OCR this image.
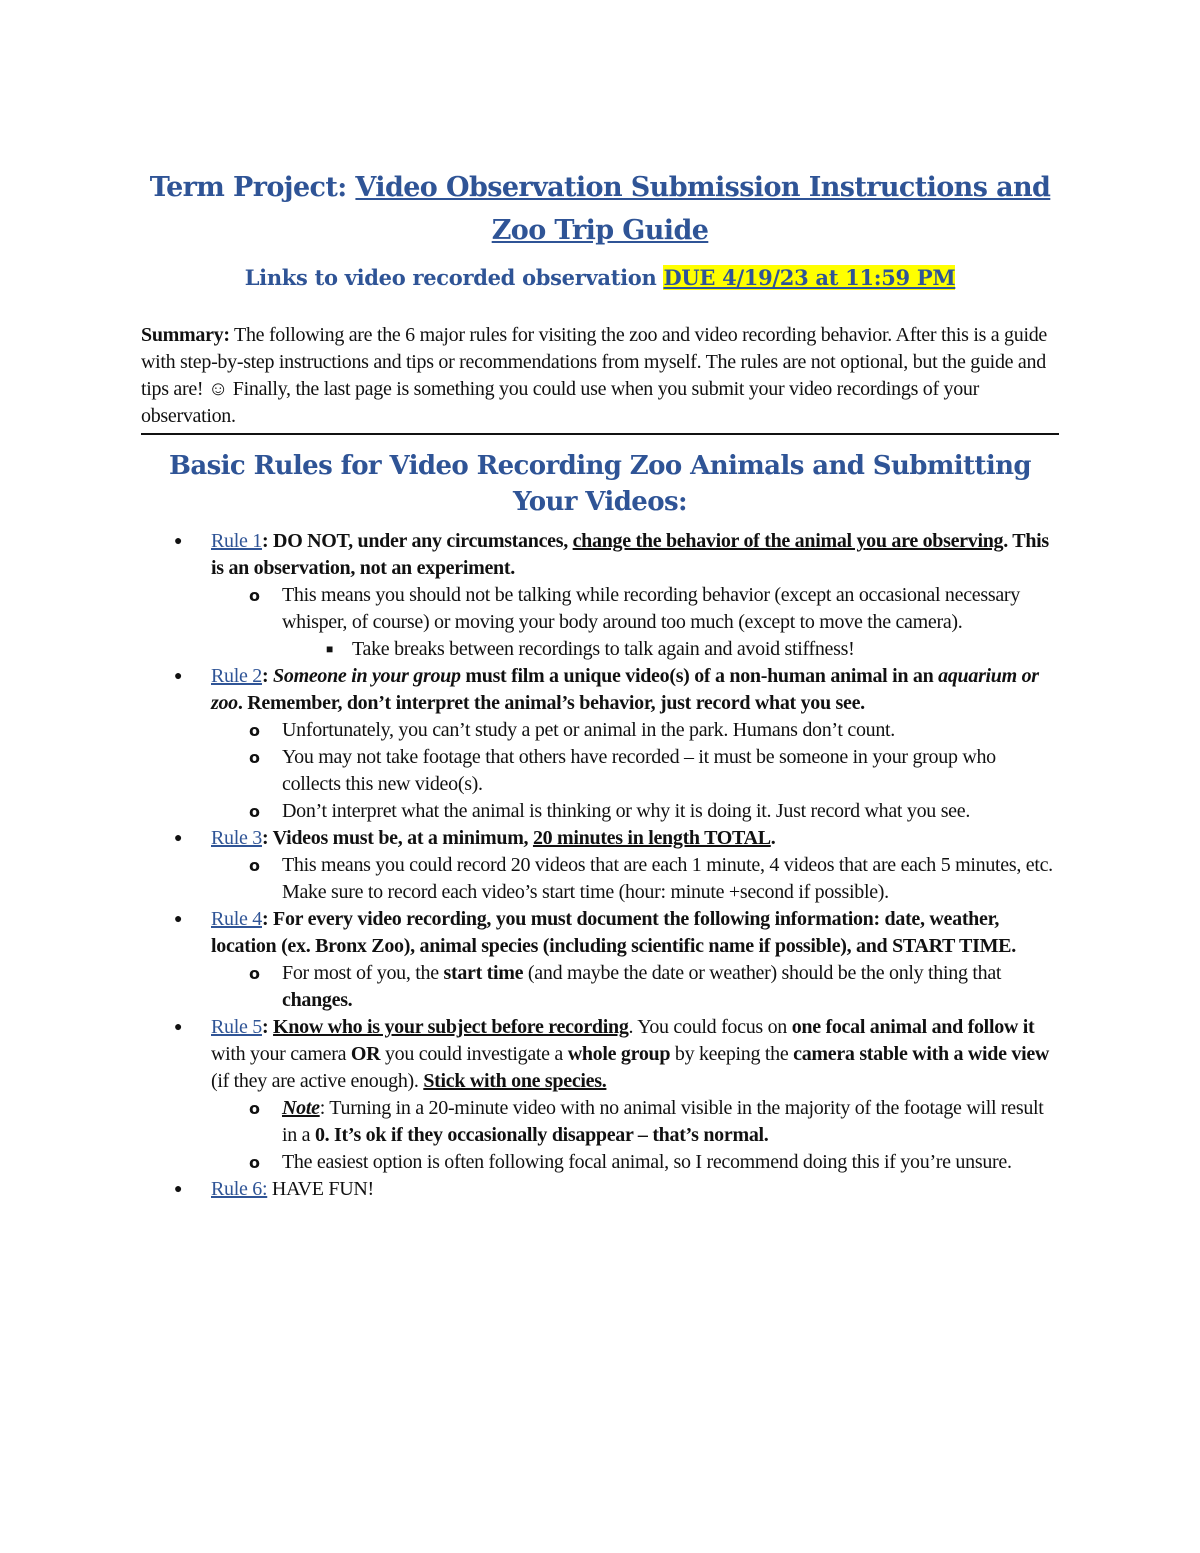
Term Project: Video Observation Submission Instructions and
Zoo Trip Guide
Links to video recorded observation DUE 4/19/23 at 11:59 PM
Summary: The following are the 6 major rules for visiting the zoo and video recording behavior. After this is a guide with step-by-step instructions and tips or recommendations from myself. The rules are not optional, but the guide and tips are! ☺ Finally, the last page is something you could use when you submit your video recordings of your observation.
Basic Rules for Video Recording Zoo Animals and Submitting Your Videos:
● Rule 1: DO NOT, under any circumstances, change the behavior of the animal you are observing. This is an observation, not an experiment.
o This means you should not be talking while recording behavior (except an occasional necessary whisper, of course) or moving your body around too much (except to move the camera).
■ Take breaks between recordings to talk again and avoid stiffness!
● Rule 2: Someone in your group must film a unique video(s) of a non-human animal in an aquarium or zoo. Remember, don’t interpret the animal’s behavior, just record what you see.
o Unfortunately, you can’t study a pet or animal in the park. Humans don’t count.
o You may not take footage that others have recorded – it must be someone in your group who collects this new video(s).
o Don’t interpret what the animal is thinking or why it is doing it. Just record what you see.
● Rule 3: Videos must be, at a minimum, 20 minutes in length TOTAL.
o This means you could record 20 videos that are each 1 minute, 4 videos that are each 5 minutes, etc. Make sure to record each video’s start time (hour: minute +second if possible).
● Rule 4: For every video recording, you must document the following information: date, weather, location (ex. Bronx Zoo), animal species (including scientific name if possible), and START TIME.
o For most of you, the start time (and maybe the date or weather) should be the only thing that changes.
● Rule 5: Know who is your subject before recording. You could focus on one focal animal and follow it with your camera OR you could investigate a whole group by keeping the camera stable with a wide view (if they are active enough). Stick with one species.
o Note: Turning in a 20-minute video with no animal visible in the majority of the footage will result in a 0. It’s ok if they occasionally disappear – that’s normal.
o The easiest option is often following focal animal, so I recommend doing this if you’re unsure.
● Rule 6: HAVE FUN!
